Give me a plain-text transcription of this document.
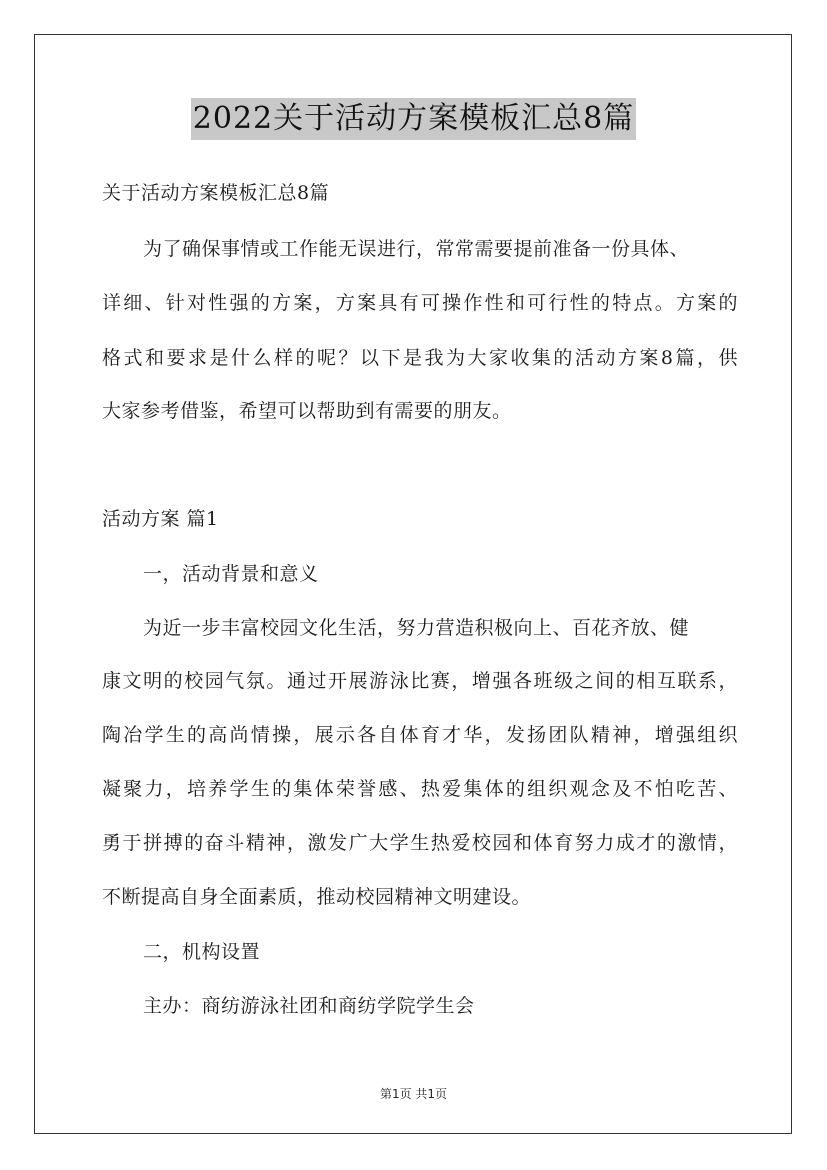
2022关于活动方案模板汇总8篇
关于活动方案模板汇总8篇
为了确保事情或工作能无误进行，常常需要提前准备一份具体、
详细、针对性强的方案，方案具有可操作性和可行性的特点。方案的
格式和要求是什么样的呢？以下是我为大家收集的活动方案8篇，供
大家参考借鉴，希望可以帮助到有需要的朋友。
活动方案 篇1
一，活动背景和意义
为近一步丰富校园文化生活，努力营造积极向上、百花齐放、健
康文明的校园气氛。通过开展游泳比赛，增强各班级之间的相互联系，
陶冶学生的高尚情操，展示各自体育才华，发扬团队精神，增强组织
凝聚力，培养学生的集体荣誉感、热爱集体的组织观念及不怕吃苦、
勇于拼搏的奋斗精神，激发广大学生热爱校园和体育努力成才的激情，
不断提高自身全面素质，推动校园精神文明建设。
二，机构设置
主办：商纺游泳社团和商纺学院学生会
第1页 共1页
